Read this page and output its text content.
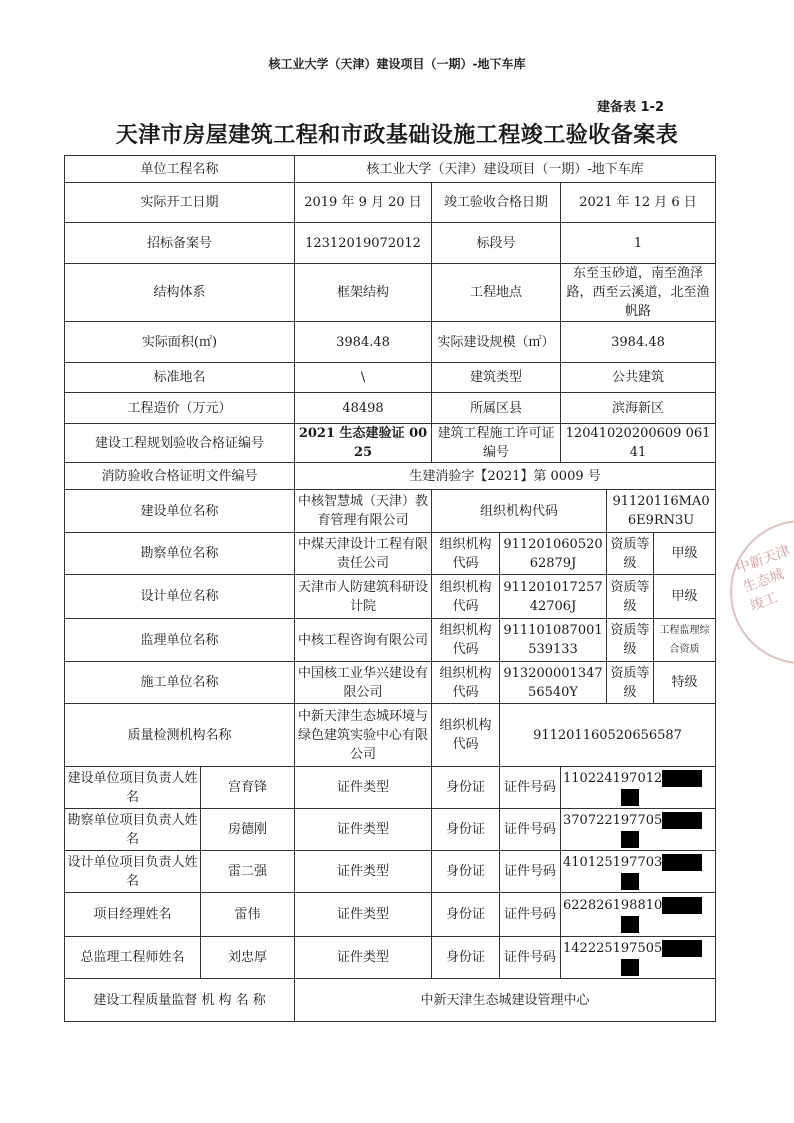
核工业大学（天津）建设项目（一期）-地下车库
建备表 1-2
天津市房屋建筑工程和市政基础设施工程竣工验收备案表
单位工程名称		核工业大学（天津）建设项目（一期）-地下车库					
实际开工日期		2019 年 9 月 20 日	竣工验收合格日期		2021 年 12 月 6 日		
招标备案号		12312019072012	标段号		1		
结构体系		框架结构	工程地点		东至玉砂道，南至渔泽路，西至云溪道，北至渔帆路		
实际面积(㎡)		3984.48	实际建设规模（㎡）		3984.48		
标准地名		\	建筑类型		公共建筑		
工程造价（万元）		48498	所属区县		滨海新区		
建设工程规划验收合格证编号		2021 生态建验证 0025	建筑工程施工许可证编号		12041020200609 06141		
消防验收合格证明文件编号		生建消验字【2021】第 0009 号					
建设单位名称		中核智慧城（天津）教育管理有限公司	组织机构代码			91120116MA06E9RN3U	
勘察单位名称		中煤天津设计工程有限责任公司	组织机构代码	91120106052062879J		资质等级	甲级
设计单位名称		天津市人防建筑科研设计院	组织机构代码	91120101725742706J		资质等级	甲级
监理单位名称		中核工程咨询有限公司	组织机构代码	911101087001539133		资质等级	工程监理综合资质
施工单位名称		中国核工业华兴建设有限公司	组织机构代码	91320000134756540Y		资质等级	特级
质量检测机构名称		中新天津生态城环境与绿色建筑实验中心有限公司	组织机构代码	911201160520656587			
建设单位项目负责人姓名	宫育锋	证件类型	身份证	证件号码	110224197012		

勘察单位项目负责人姓名	房德刚	证件类型	身份证	证件号码	370722197705		

设计单位项目负责人姓名	雷二强	证件类型	身份证	证件号码	410125197703		

项目经理姓名	雷伟	证件类型	身份证	证件号码	622826198810		

总监理工程师姓名	刘忠厚	证件类型	身份证	证件号码	142225197505		

建设工程质量监督 机 构 名 称		中新天津生态城建设管理中心					
中新天津生态城 竣工
